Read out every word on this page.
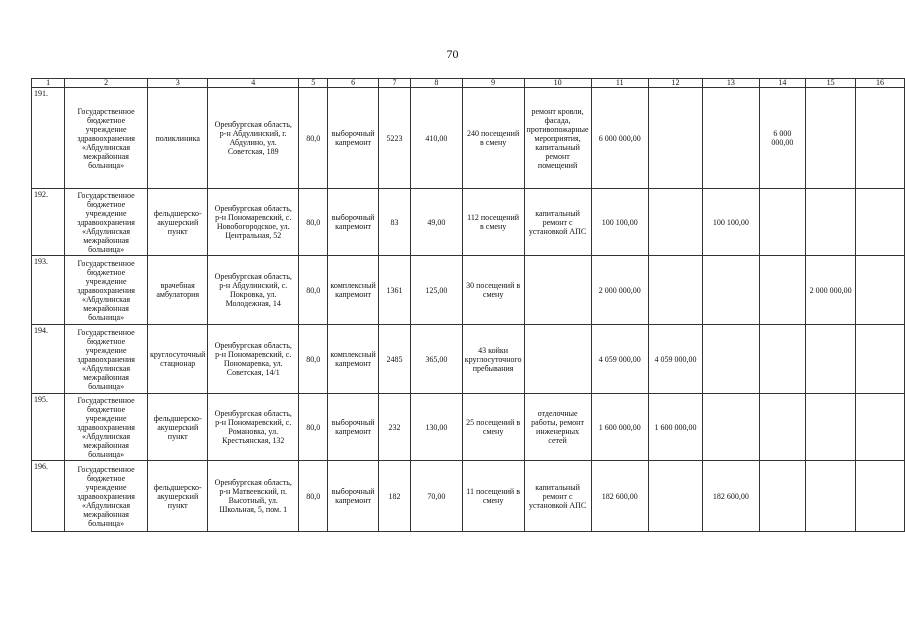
70
1	2	3	4	5	6	7	8	9	10	11	12	13	14	15	16
191.	Государственное бюджетное учреждение здравоохранения «Абдулинская межрайонная больница»	поликлиника	Оренбургская область, р-н Абдулинский, г. Абдулино, ул. Советская, 189	80,0	выборочный капремонт	5223	410,00	240 посещений в смену	ремонт кровли, фасада, противопожарные мероприятия, капитальный ремонт помещений	6 000 000,00			6 000 000,00		
192.	Государственное бюджетное учреждение здравоохранения «Абдулинская межрайонная больница»	фельдшерско-акушерский пункт	Оренбургская область, р-н Пономаревский, с. Новобогородское, ул. Центральная, 52	80,0	выборочный капремонт	83	49,00	112 посещений в смену	капитальный ремонт с установкой АПС	100 100,00		100 100,00			
193.	Государственное бюджетное учреждение здравоохранения «Абдулинская межрайонная больница»	врачебная амбулатория	Оренбургская область, р-н Абдулинский, с. Покровка, ул. Молодежная, 14	80,0	комплексный капремонт	1361	125,00	30 посещений в смену		2 000 000,00				2 000 000,00	
194.	Государственное бюджетное учреждение здравоохранения «Абдулинская межрайонная больница»	круглосуточный стационар	Оренбургская область, р-н Пономаревский, с. Пономаревка, ул. Советская, 14/1	80,0	комплексный капремонт	2485	365,00	43 койки круглосуточного пребывания		4 059 000,00	4 059 000,00				
195.	Государственное бюджетное учреждение здравоохранения «Абдулинская межрайонная больница»	фельдшерско-акушерский пункт	Оренбургская область, р-н Пономаревский, с. Романовка, ул. Крестьянская, 132	80,0	выборочный капремонт	232	130,00	25 посещений в смену	отделочные работы, ремонт инженерных сетей	1 600 000,00	1 600 000,00				
196.	Государственное бюджетное учреждение здравоохранения «Абдулинская межрайонная больница»	фельдшерско-акушерский пункт	Оренбургская область, р-н Матвеевский, п. Высотный, ул. Школьная, 5, пом. 1	80,0	выборочный капремонт	182	70,00	11 посещений в смену	капитальный ремонт с установкой АПС	182 600,00		182 600,00			
